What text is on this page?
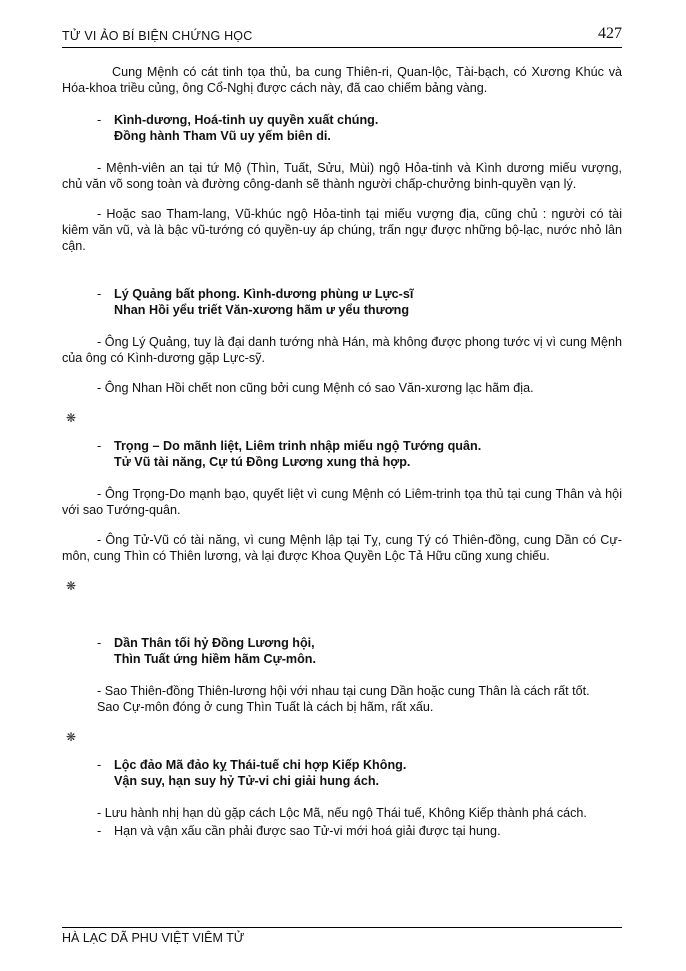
TỬ VI ẢO BÍ BIỆN CHỨNG HỌC	427

Cung Mệnh có cát tinh tọa thủ, ba cung Thiên-ri, Quan-lộc, Tài-bạch, có Xương Khúc và Hóa-khoa triều củng, ông Cổ-Nghị được cách này, đã cao chiếm bảng vàng.

- Kình-dương, Hoá-tinh uy quyền xuất chúng.
Đồng hành Tham Vũ uy yếm biên di.

- Mệnh-viên an tại tứ Mộ (Thìn, Tuất, Sửu, Mùi) ngộ Hỏa-tinh và Kình dương miếu vượng, chủ văn võ song toàn và đường công-danh sẽ thành người chấp-chưởng binh-quyền vạn lý.

- Hoặc sao Tham-lang, Vũ-khúc ngộ Hỏa-tinh tại miếu vượng địa, cũng chủ : người có tài kiêm văn vũ, và là bậc vũ-tướng có quyền-uy áp chúng, trấn ngự được những bộ-lạc, nước nhỏ lân cận.

- Lý Quảng bất phong. Kình-dương phùng ư Lực-sĩ
Nhan Hồi yểu triết Văn-xương hãm ư yểu thương

- Ông Lý Quảng, tuy là đại danh tướng nhà Hán, mà không được phong tước vị vì cung Mệnh của ông có Kình-dương gặp Lực-sỹ.

- Ông Nhan Hồi chết non cũng bởi cung Mệnh có sao Văn-xương lạc hãm địa.

❋
- Trọng – Do mãnh liệt, Liêm trinh nhập miếu ngộ Tướng quân.
Tử Vũ tài năng, Cự tú Đồng Lương xung thả hợp.

- Ông Trọng-Do mạnh bạo, quyết liệt vì cung Mệnh có Liêm-trinh tọa thủ tại cung Thân và hội với sao Tướng-quân.

- Ông Tử-Vũ có tài năng, vì cung Mệnh lập tại Tỵ, cung Tý có Thiên-đồng, cung Dần có Cự-môn, cung Thìn có Thiên lương, và lại được Khoa Quyền Lộc Tả Hữu cũng xung chiếu.

❋
- Dần Thân tối hỷ Đồng Lương hội,
Thìn Tuất ứng hiềm hãm Cự-môn.

- Sao Thiên-đồng Thiên-lương hội với nhau tại cung Dần hoặc cung Thân là cách rất tốt.

Sao Cự-môn đóng ở cung Thìn Tuất là cách bị hãm, rất xấu.

❋
- Lộc đảo Mã đảo kỵ Thái-tuế chi hợp Kiếp Không.
Vận suy, hạn suy hỷ Tử-vi chi giải hung ách.

- Lưu hành nhị hạn dù gặp cách Lộc Mã, nếu ngộ Thái tuế, Không Kiếp thành phá cách.

- Hạn và vận xấu cần phải được sao Tử-vi mới hoá giải được tại hung.
HÀ LẠC DÃ PHU VIỆT VIÊM TỬ
